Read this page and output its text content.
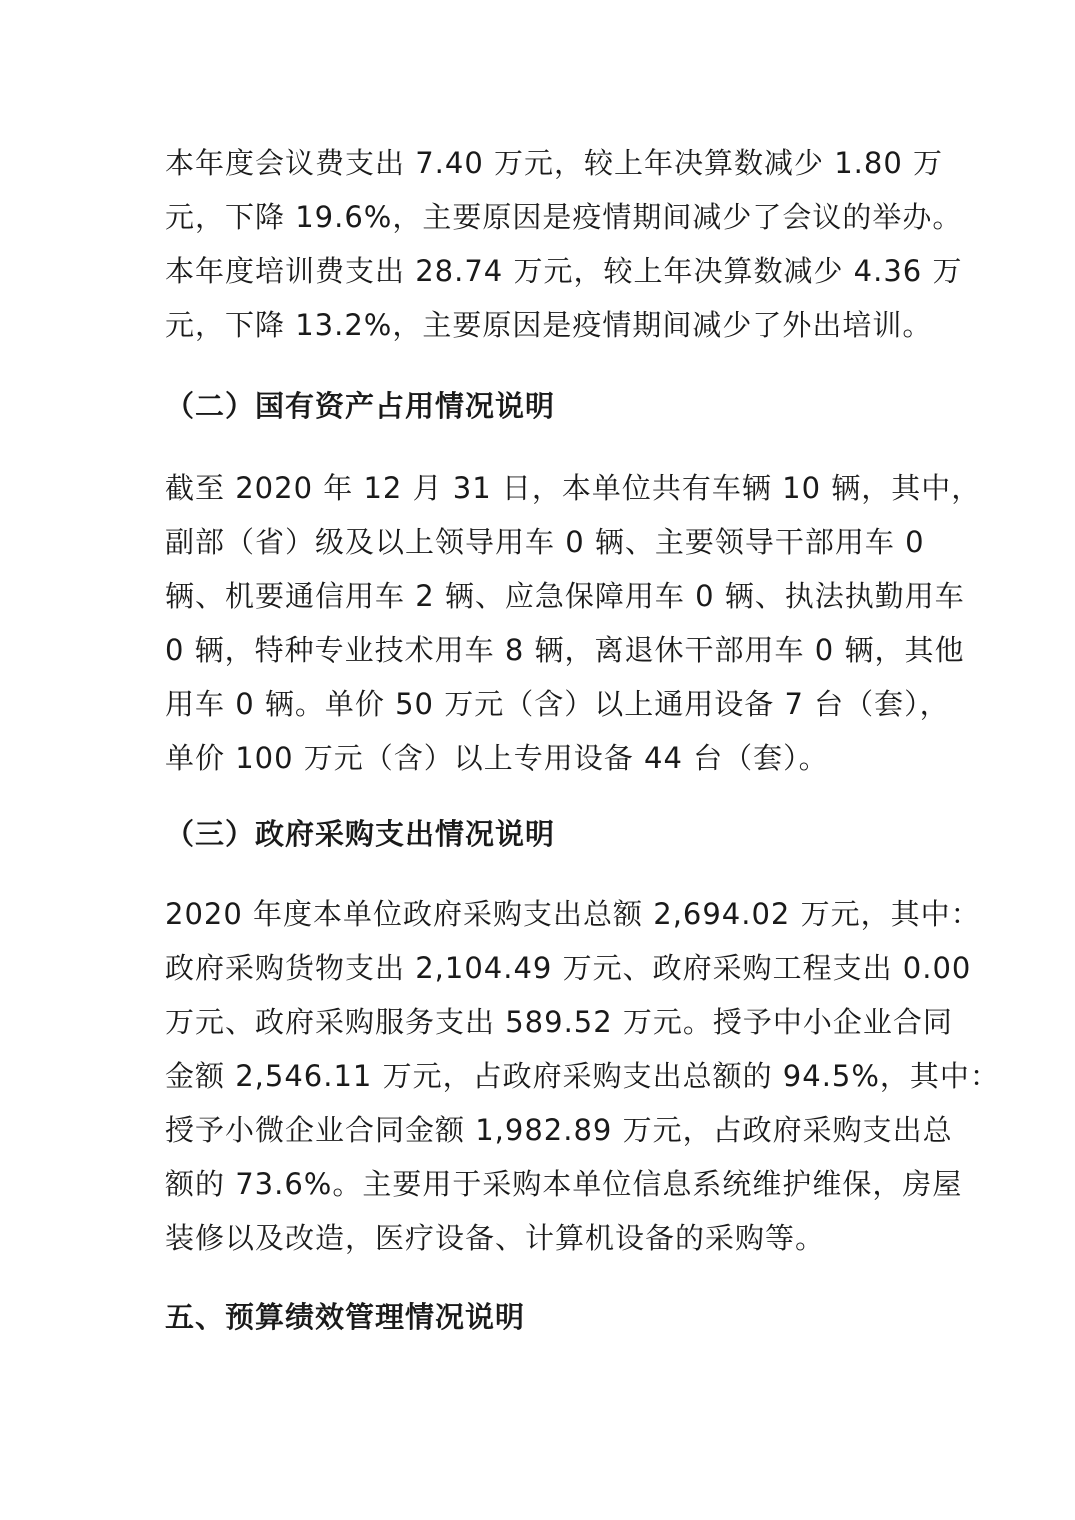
本年度会议费支出 7.40 万元，较上年决算数减少 1.80 万
元，下降 19.6%，主要原因是疫情期间减少了会议的举办。
本年度培训费支出 28.74 万元，较上年决算数减少 4.36 万
元，下降 13.2%，主要原因是疫情期间减少了外出培训。
（二）国有资产占用情况说明
截至 2020 年 12 月 31 日，本单位共有车辆 10 辆，其中，
副部（省）级及以上领导用车 0 辆、主要领导干部用车 0
辆、机要通信用车 2 辆、应急保障用车 0 辆、执法执勤用车
0 辆，特种专业技术用车 8 辆，离退休干部用车 0 辆，其他
用车 0 辆。单价 50 万元（含）以上通用设备 7 台（套），
单价 100 万元（含）以上专用设备 44 台（套）。
（三）政府采购支出情况说明
2020 年度本单位政府采购支出总额 2,694.02 万元，其中：
政府采购货物支出 2,104.49 万元、政府采购工程支出 0.00
万元、政府采购服务支出 589.52 万元。授予中小企业合同
金额 2,546.11 万元，占政府采购支出总额的 94.5%，其中：
授予小微企业合同金额 1,982.89 万元，占政府采购支出总
额的 73.6%。主要用于采购本单位信息系统维护维保，房屋
装修以及改造，医疗设备、计算机设备的采购等。
五、预算绩效管理情况说明
